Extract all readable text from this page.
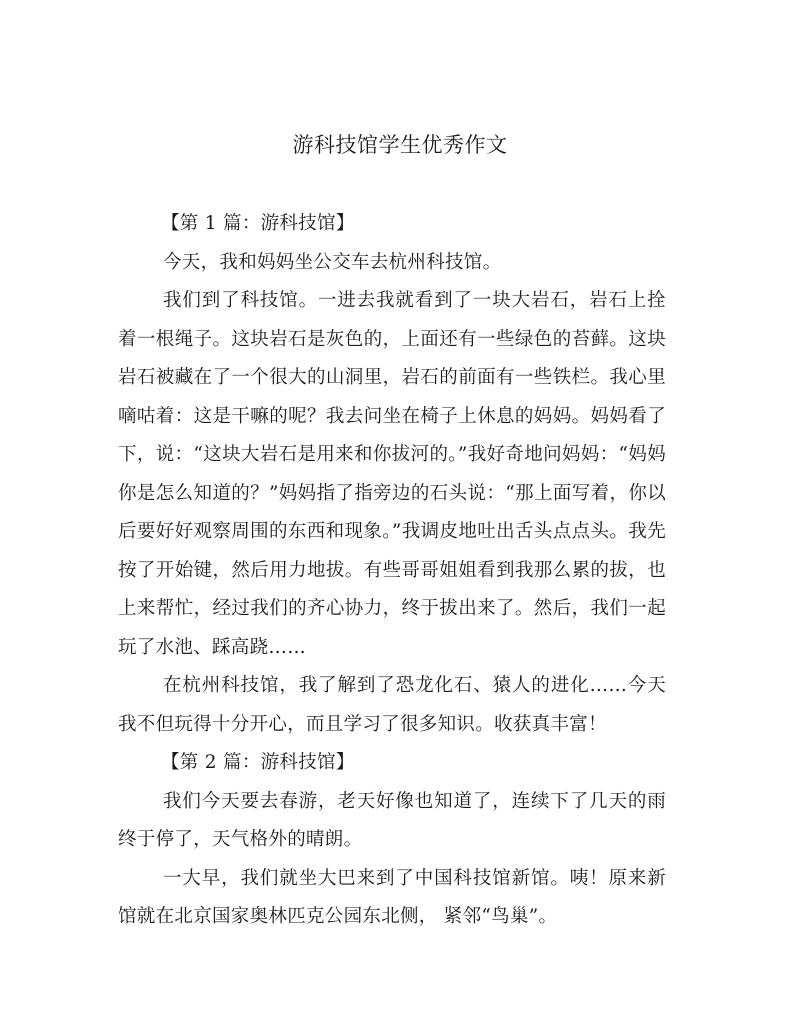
游科技馆学生优秀作文
【第 1 篇：游科技馆】

今天，我和妈妈坐公交车去杭州科技馆。

我们到了科技馆。一进去我就看到了一块大岩石，岩石上拴着一根绳子。这块岩石是灰色的，上面还有一些绿色的苔藓。这块岩石被藏在了一个很大的山洞里，岩石的前面有一些铁栏。我心里嘀咕着：这是干嘛的呢？我去问坐在椅子上休息的妈妈。妈妈看了下，说：“这块大岩石是用来和你拔河的。”我好奇地问妈妈：“妈妈你是怎么知道的？”妈妈指了指旁边的石头说：“那上面写着，你以后要好好观察周围的东西和现象。”我调皮地吐出舌头点点头。我先按了开始键，然后用力地拔。有些哥哥姐姐看到我那么累的拔，也上来帮忙，经过我们的齐心协力，终于拔出来了。然后，我们一起玩了水池、踩高跷……

在杭州科技馆，我了解到了恐龙化石、猿人的进化……今天我不但玩得十分开心，而且学习了很多知识。收获真丰富！

【第 2 篇：游科技馆】

我们今天要去春游，老天好像也知道了，连续下了几天的雨终于停了，天气格外的晴朗。

一大早，我们就坐大巴来到了中国科技馆新馆。咦！原来新馆就在北京国家奥林匹克公园东北侧， 紧邻“鸟巢”。
